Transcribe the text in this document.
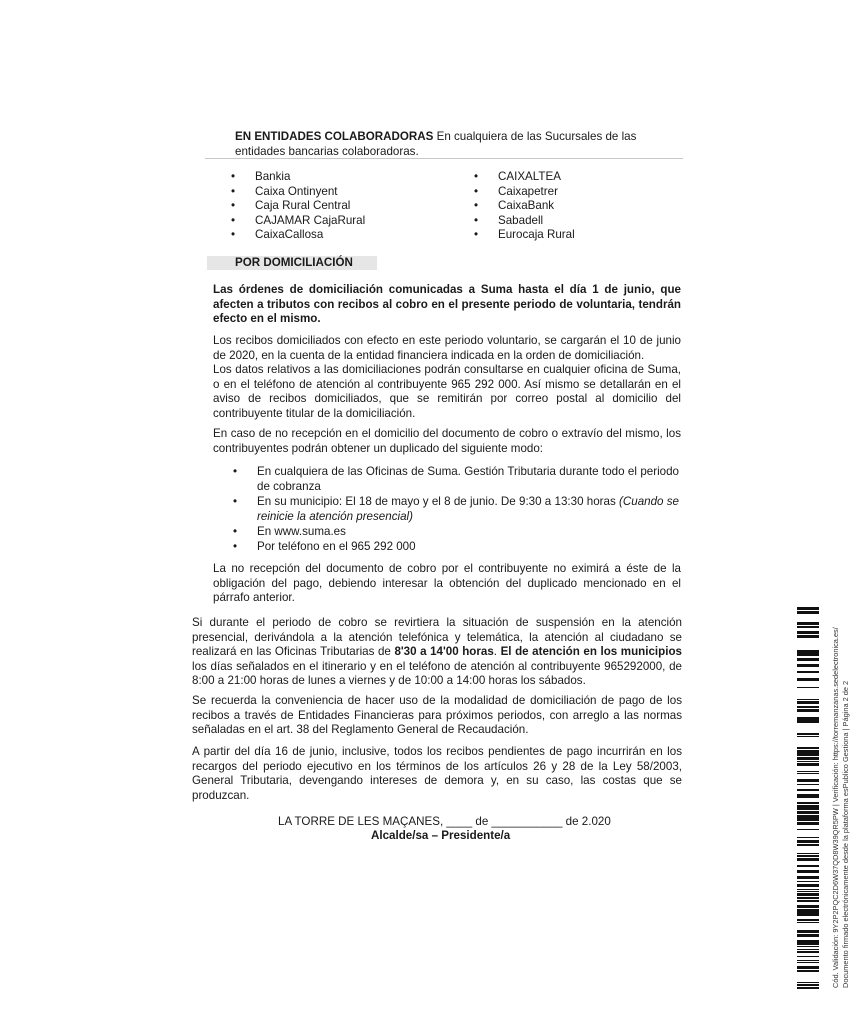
EN ENTIDADES COLABORADORAS En cualquiera de las Sucursales de las
entidades bancarias colaboradoras.
• Bankia
• Caixa Ontinyent
• Caja Rural Central
• CAJAMAR CajaRural
• CaixaCallosa
• CAIXALTEA
• Caixapetrer
• CaixaBank
• Sabadell
• Eurocaja Rural
POR DOMICILIACIÓN
Las órdenes de domiciliación comunicadas a Suma hasta el día 1 de junio, que afecten a tributos con recibos al cobro en el presente periodo de voluntaria, tendrán efecto en el mismo.
Los recibos domiciliados con efecto en este periodo voluntario, se cargarán el 10 de junio de 2020, en la cuenta de la entidad financiera indicada en la orden de domiciliación.
Los datos relativos a las domiciliaciones podrán consultarse en cualquier oficina de Suma, o en el teléfono de atención al contribuyente 965 292 000. Así mismo se detallarán en el aviso de recibos domiciliados, que se remitirán por correo postal al domicilio del contribuyente titular de la domiciliación.
En caso de no recepción en el domicilio del documento de cobro o extravío del mismo, los contribuyentes podrán obtener un duplicado del siguiente modo:
• En cualquiera de las Oficinas de Suma. Gestión Tributaria durante todo el periodo de cobranza
• En su municipio: El 18 de mayo y el 8 de junio. De 9:30 a 13:30 horas (Cuando se reinicie la atención presencial)
• En www.suma.es
• Por teléfono en el 965 292 000
La no recepción del documento de cobro por el contribuyente no eximirá a éste de la obligación del pago, debiendo interesar la obtención del duplicado mencionado en el párrafo anterior.
Si durante el periodo de cobro se revirtiera la situación de suspensión en la atención presencial, derivándola a la atención telefónica y telemática, la atención al ciudadano se realizará en las Oficinas Tributarias de 8'30 a 14'00 horas. El de atención en los municipios los días señalados en el itinerario y en el teléfono de atención al contribuyente 965292000, de 8:00 a 21:00 horas de lunes a viernes y de 10:00 a 14:00 horas los sábados.
Se recuerda la conveniencia de hacer uso de la modalidad de domiciliación de pago de los recibos a través de Entidades Financieras para próximos periodos, con arreglo a las normas señaladas en el art. 38 del Reglamento General de Recaudación.
A partir del día 16 de junio, inclusive, todos los recibos pendientes de pago incurrirán en los recargos del periodo ejecutivo en los términos de los artículos 26 y 28 de la Ley 58/2003, General Tributaria, devengando intereses de demora y, en su caso, las costas que se produzcan.
LA TORRE DE LES MAÇANES, ____ de ___________ de 2.020
Alcalde/sa – Presidente/a	Cód. Validación: 9Y2P2PQC2D6W37QD8W39QR5PW | Verificación: https://torremanzanas.sedelectronica.es/ Documento firmado electrónicamente desde la plataforma esPublico Gestiona | Página 2 de 2
